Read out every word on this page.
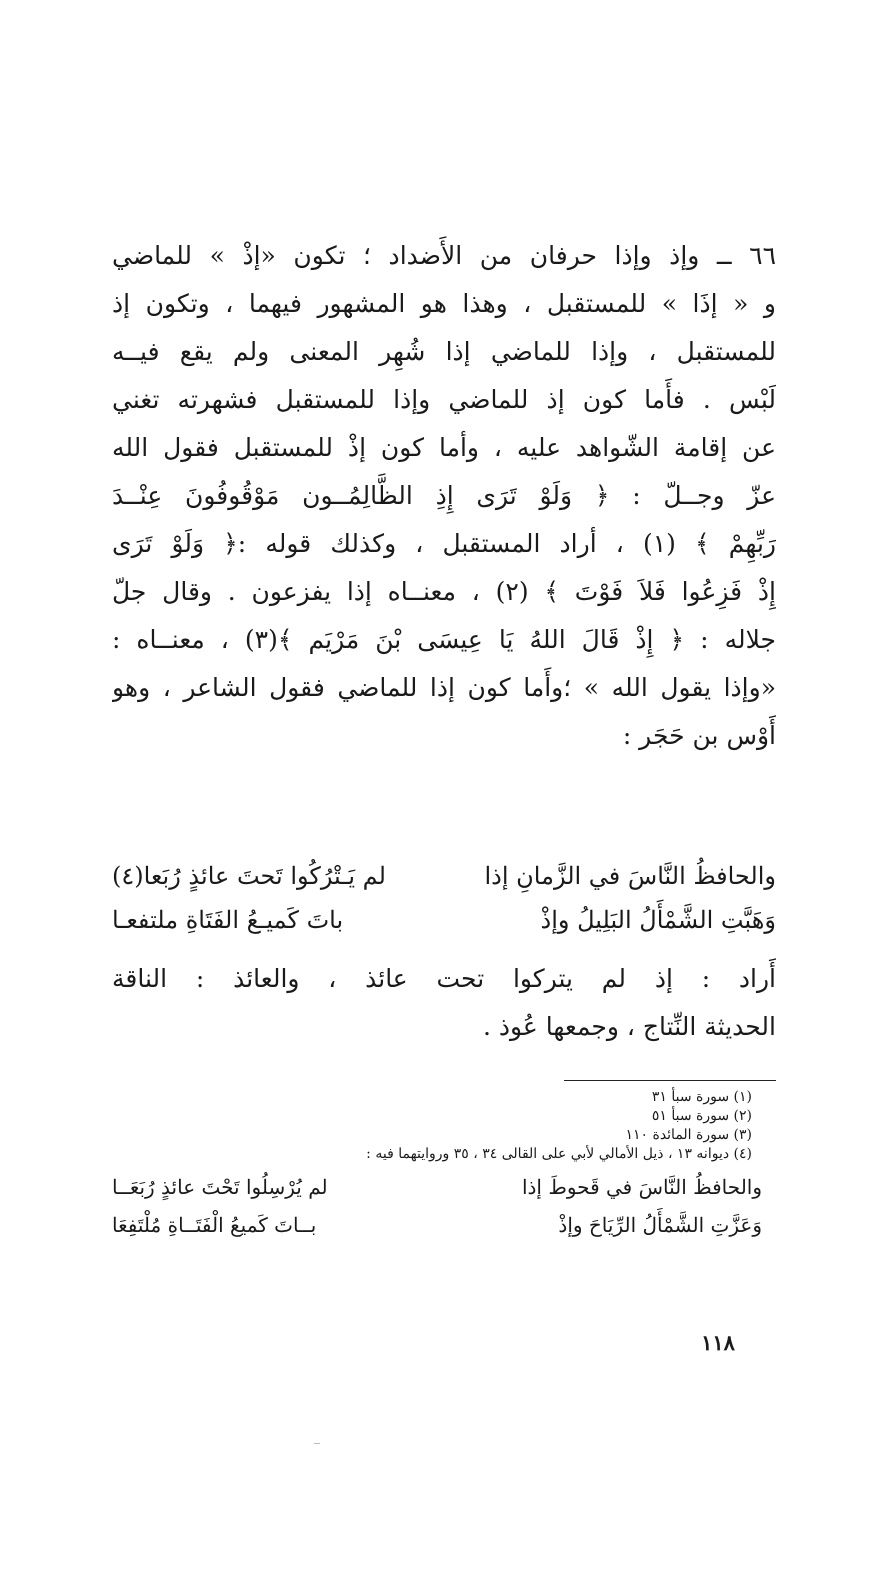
٦٦ ــ وإذ وإذا حرفان من الأَضداد ؛ تكون «إذْ » للماضي
و « إذَا » للمستقبل ، وهذا هو المشهور فيهما ، وتكون إذ
للمستقبل ، وإذا للماضي إذا شُهِر المعنى ولم يقع فيــه
لَبْس . فأَما كون إذ للماضي وإذا للمستقبل فشهرته تغني
عن إقامة الشّواهد عليه ، وأما كون إذْ للمستقبل فقول الله
عزّ وجــلّ : ﴿ وَلَوْ تَرَى إِذِ الظَّالِمُــون مَوْقُوفُونَ عِنْــدَ
رَبِّهِمْ ﴾ (١) ، أراد المستقبل ، وكذلك قوله :﴿ وَلَوْ تَرَى
إِذْ فَزِعُوا فَلاَ فَوْتَ ﴾ (٢) ، معنــاه إذا يفزعون . وقال جلّ
جلاله : ﴿ إِذْ قَالَ اللهُ يَا عِيسَى بْنَ مَرْيَم ﴾(٣) ، معنــاه :
«وإذا يقول الله » ؛وأَما كون إذا للماضي فقول الشاعر ، وهو
أَوْس بن حَجَر :
والحافظُ النَّاسَ في الزَّمانِ إذا
لم يَـتْرُكُوا تَحتَ عائذٍ رُبَعا(٤)
وَهَبَّتِ الشَّمْأَلُ البَلِيلُ وإذْ
باتَ كَميـعُ الفَتَاةِ ملتفعـا
أَراد : إذ لم يتركوا تحت عائذ ، والعائذ : الناقة
الحديثة النِّتاج ، وجمعها عُوذ .
(١) سورة سبأ ٣١
(٢) سورة سبأ ٥١
(٣) سورة المائدة ١١٠
(٤) ديوانه ١٣ ، ذيل الأمالي لأبي على القالى ٣٤ ، ٣٥ وروايتهما فيه :
والحافظُ النَّاسَ في قَحوطَ إذا
لم يُرْسِلُوا تَحْتَ عائذٍ رُبَعَــا
وَعَزَّتِ الشَّمْأَلُ الرِّيَاحَ وإذْ
بــاتَ كَميعُ الْفَتَــاةِ مُلْتَفِعَا
١١٨
